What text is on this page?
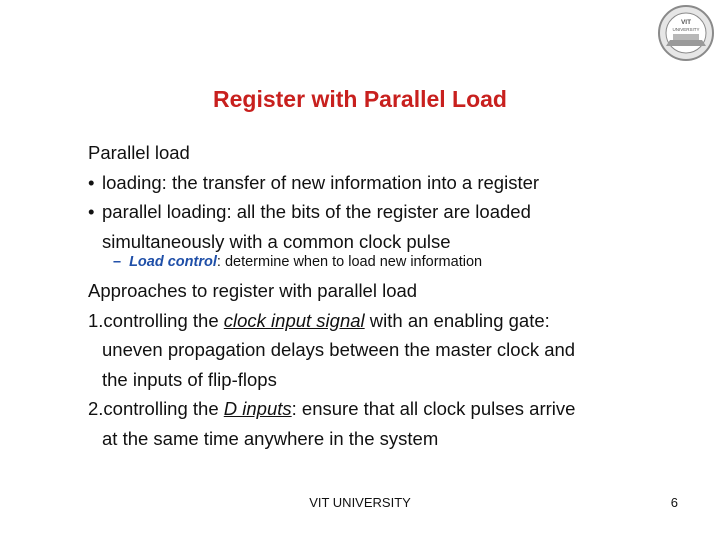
VIT
UNIVERSITY
Register with Parallel Load
Parallel load
• loading: the transfer of new information into a register
• parallel loading: all the bits of the register are loaded
simultaneously with a common clock pulse
– Load control: determine when to load new information
Approaches to register with parallel load
1.controlling the clock input signal with an enabling gate:
uneven propagation delays between the master clock and
the inputs of flip-flops
2.controlling the D inputs: ensure that all clock pulses arrive
at the same time anywhere in the system
VIT UNIVERSITY	6
